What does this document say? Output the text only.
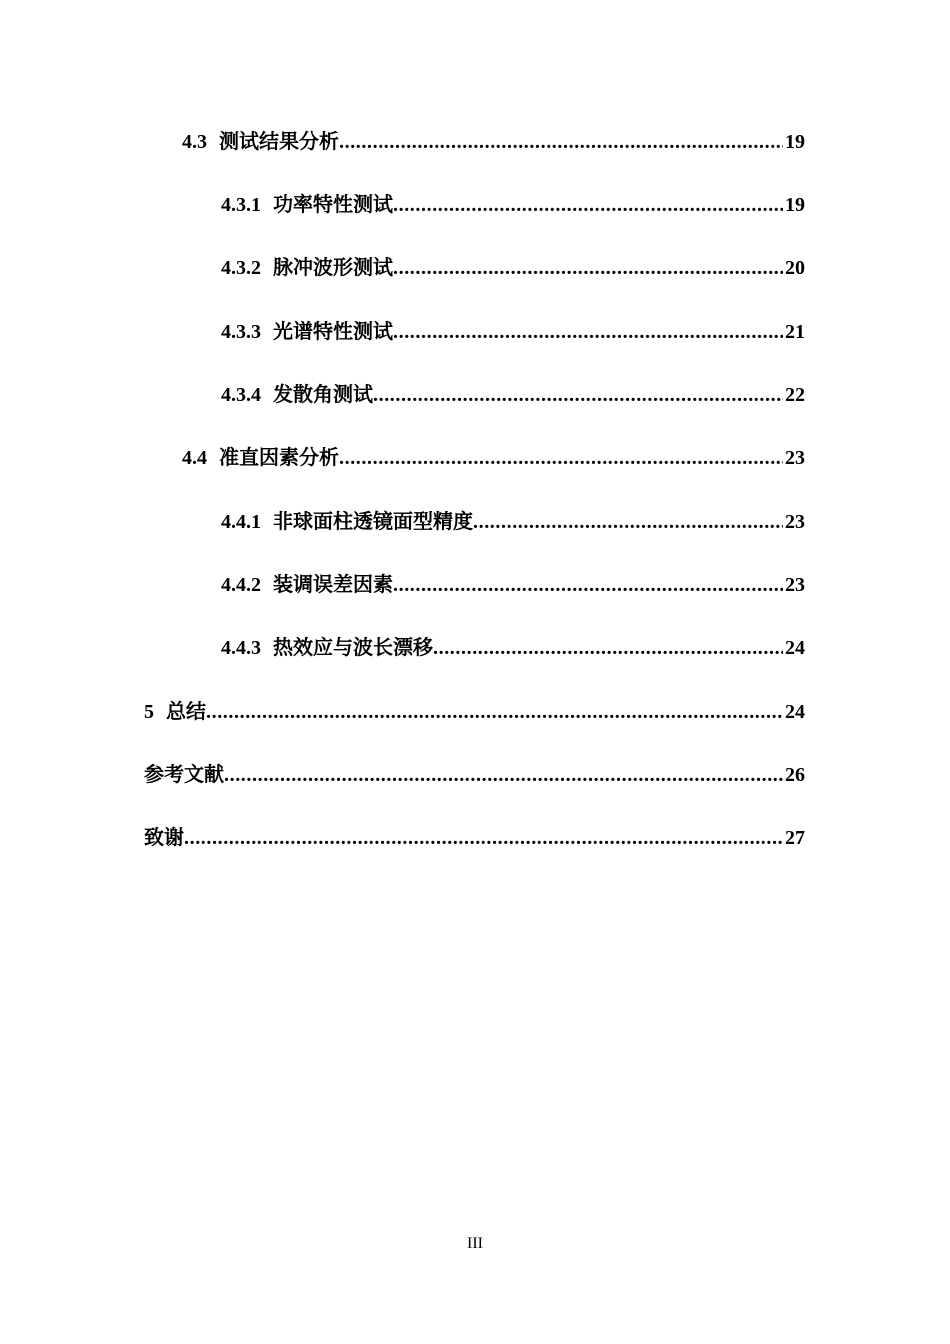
4.3 测试结果分析 .....	19
4.3.1 功率特性测试 .....	19
4.3.2 脉冲波形测试 .....	20
4.3.3 光谱特性测试 .....	21
4.3.4 发散角测试 .....	22
4.4 准直因素分析 .....	23
4.4.1 非球面柱透镜面型精度 .....	23
4.4.2 装调误差因素 .....	23
4.4.3 热效应与波长漂移 .....	24
5 总结 .....	24
参考文献 .....	26
致谢 .....	27
III
